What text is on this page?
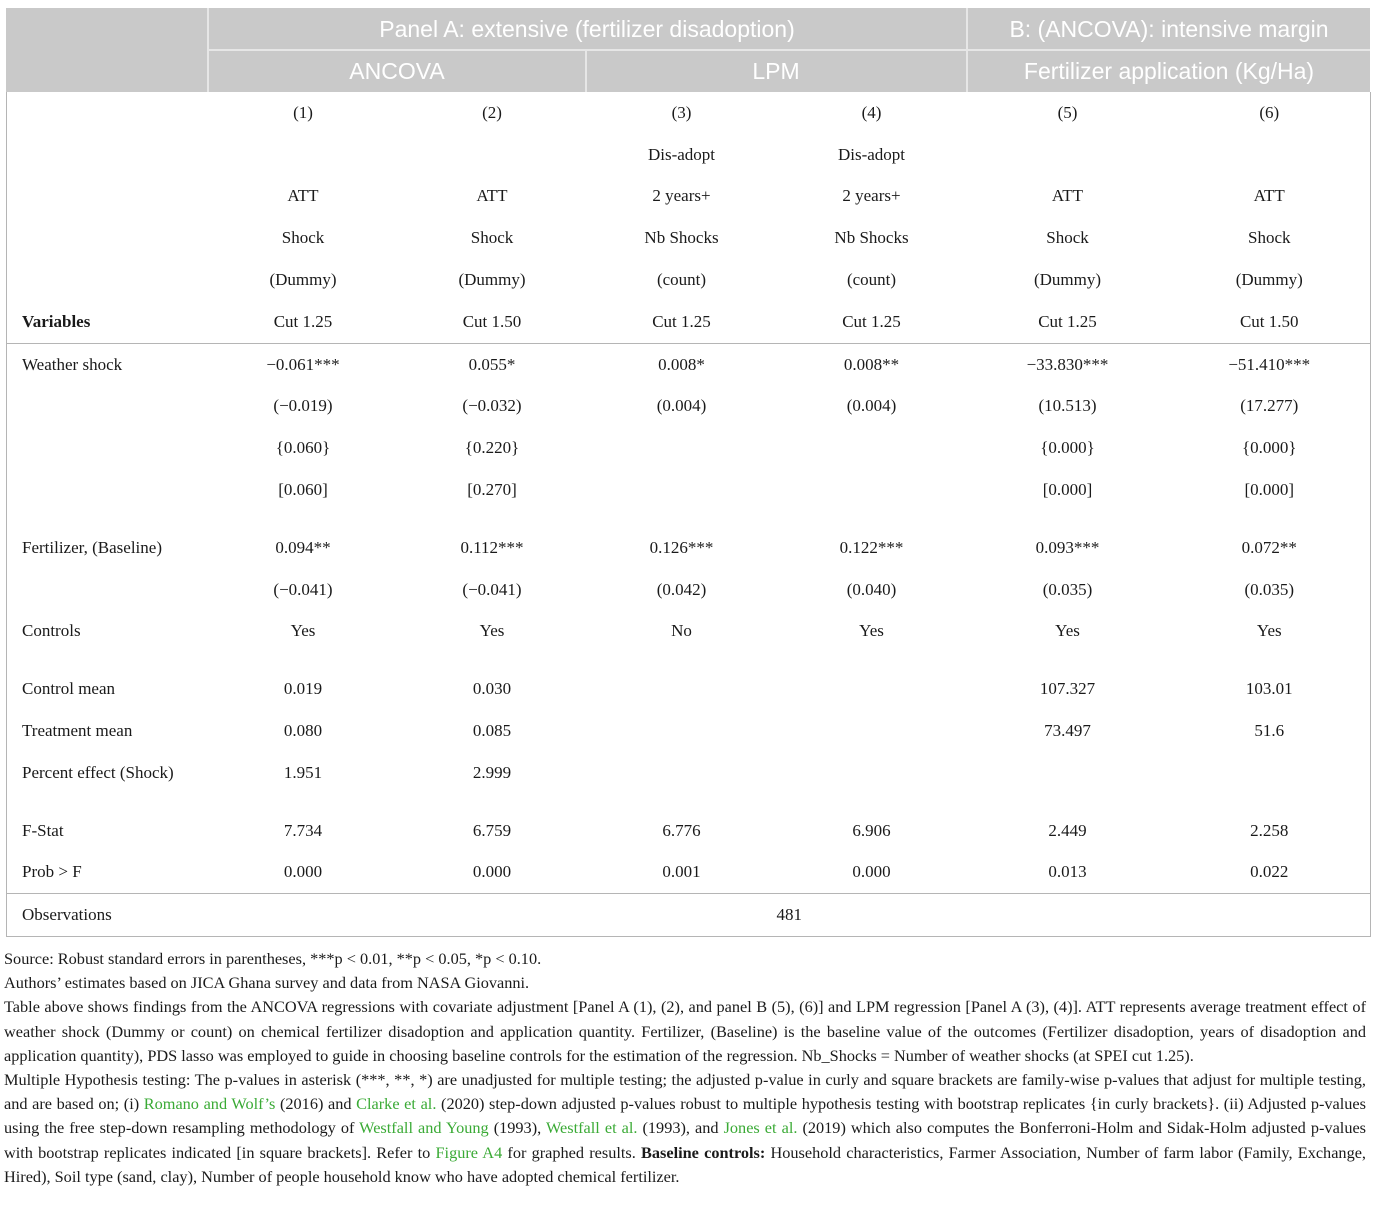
Panel A: extensive (fertilizer disadoption)	B: (ANCOVA): intensive margin
ANCOVA	LPM	Fertilizer application (Kg/Ha)
	(1)	(2)	(3)	(4)	(5)	(6)
			Dis-adopt	Dis-adopt		
	ATT	ATT	2 years+	2 years+	ATT	ATT
	Shock	Shock	Nb Shocks	Nb Shocks	Shock	Shock
	(Dummy)	(Dummy)	(count)	(count)	(Dummy)	(Dummy)
Variables	Cut 1.25	Cut 1.50	Cut 1.25	Cut 1.25	Cut 1.25	Cut 1.50
Weather shock	−0.061***	0.055*	0.008*	0.008**	−33.830***	−51.410***
	(−0.019)	(−0.032)	(0.004)	(0.004)	(10.513)	(17.277)
	{0.060}	{0.220}			{0.000}	{0.000}
	[0.060]	[0.270]			[0.000]	[0.000]

Fertilizer, (Baseline)	0.094**	0.112***	0.126***	0.122***	0.093***	0.072**
	(−0.041)	(−0.041)	(0.042)	(0.040)	(0.035)	(0.035)
Controls	Yes	Yes	No	Yes	Yes	Yes

Control mean	0.019	0.030			107.327	103.01
Treatment mean	0.080	0.085			73.497	51.6
Percent effect (Shock)	1.951	2.999				

F-Stat	7.734	6.759	6.776	6.906	2.449	2.258
Prob > F	0.000	0.000	0.001	0.000	0.013	0.022
Observations	481					

Source: Robust standard errors in parentheses, ***p < 0.01, **p < 0.05, *p < 0.10.

Authors’ estimates based on JICA Ghana survey and data from NASA Giovanni.

Table above shows findings from the ANCOVA regressions with covariate adjustment [Panel A (1), (2), and panel B (5), (6)] and LPM regression [Panel A (3), (4)]. ATT represents average treatment effect of weather shock (Dummy or count) on chemical fertilizer disadoption and application quantity. Fertilizer, (Baseline) is the baseline value of the outcomes (Fertilizer disadoption, years of disadoption and application quantity), PDS lasso was employed to guide in choosing baseline controls for the estimation of the regression. Nb_Shocks = Number of weather shocks (at SPEI cut 1.25).

Multiple Hypothesis testing: The p-values in asterisk (***, **, *) are unadjusted for multiple testing; the adjusted p-value in curly and square brackets are family-wise p-values that adjust for multiple testing, and are based on; (i) Romano and Wolf’s (2016) and Clarke et al. (2020) step-down adjusted p-values robust to multiple hypothesis testing with bootstrap replicates {in curly brackets}. (ii) Adjusted p-values using the free step-down resampling methodology of Westfall and Young (1993), Westfall et al. (1993), and Jones et al. (2019) which also computes the Bonferroni-Holm and Sidak-Holm adjusted p-values with bootstrap replicates indicated [in square brackets]. Refer to Figure A4 for graphed results. Baseline controls: Household characteristics, Farmer Association, Number of farm labor (Family, Exchange, Hired), Soil type (sand, clay), Number of people household know who have adopted chemical fertilizer.
